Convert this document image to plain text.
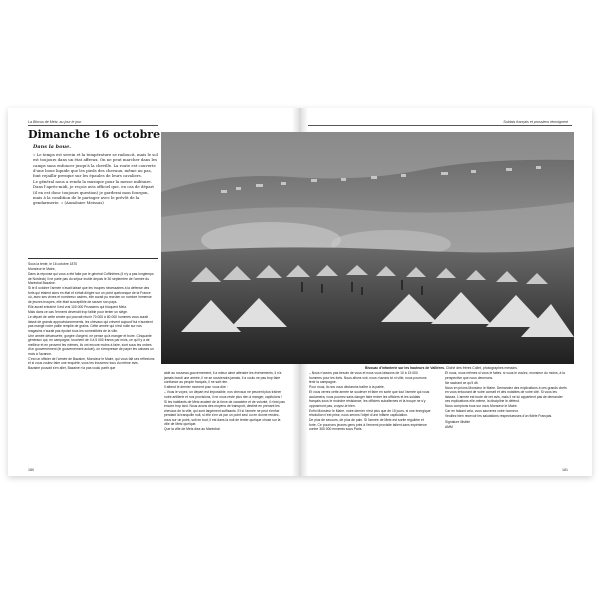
La Blocus de Metz, au jour le jour	Soldats français et prussiens témoignent
Dimanche 16 octobre
Dans la boue.

« Le temps est serein et la température se radoucit, mais le sol est toujours dans un état affreux. On ne peut marcher dans les camps sans enfoncer jusqu'à la cheville. La route est couverte d'une boue liquide que les pieds des chevaux, même au pas, font rejaillir presque sur les épaules de leurs cavaliers.

Le général nous a rendu la musique pour la messe militaire. Dans l'après-midi, je reçois avis officiel que, en cas de départ (il en est donc toujours question) je garderai mon fourgon, mais à la condition de le partager avec le prévôt de la gendarmerie. » (Aumônier Meissas)

Bivouac d'infanterie sur les hauteurs de Vallières. Cliché des frères Collet, photographes messins.

Sous la tente, le 16 octobre 1870

Monsieur le Maire,

Dans la réponse qui vous a été faite par le général Coffinières (il n'y a pas longtemps de Nordeck) il ne parle pas du séjour inutile depuis le 30 septembre de l'armée du Maréchal Bazaine.

Si le 8 octobre l'armée n'avait laissé que les troupes nécessaires à la défense des forts qui étaient alors en état et s'était dirigée sur un point quelconque de la France où, avec ses vivres et nombreux cadres, elle aurait pu recruter un nombre immense de jeunes troupes, elle était susceptible de sauver son pays.

Elle aurait entraîné il est vrai 100 000 Prussiens qui bloquent Metz.

Mais dans ce cas l'ennemi devenait trop faible pour tenter un siège.

Le départ de cette armée qui pouvait réunir 70 000 à 80 000 hommes vous aurait laissé de grands approvisionnements, les chevaux qui crèvent aujourd'hui n'auraient pas mangé notre paille remplie de grains. Cette armée qui n'est nulle sur nos magasins n'aurait pas épuisé tous les comestibles de la ville.

Une armée désœuvrée, gorgée d'argent, ne pense qu'à manger et boire. Cinquante généraux qui, en campagne, touchent de 4 à 5 000 francs par mois, ce qu'il y a de meilleur et en peuvent les mêmes, ils ont encore moins à faire, sont sous les ordres d'un gouvernement (le gouvernement actuel), on s'empresse de payer les caisses un mois à l'avance.

C'est un officier de l'armée de Bazaine, Monsieur le Maire, qui vous fait ses réflexions et si vous voulez faire une enquête, vous les trouverez tous du même avis.

Bazaine pouvait s'en aller, Bazaine n'a pas voulu partir que

aidé au nouveau gouvernement, il a mieux aimé attendre les événements, il n'a jamais bondi une armée, il ne se souviendra jamais, il a voulu ne pas trop faire confiance au peuple français, il ne sait rien.

Il attend le dernier moment pour vous dire :

– Vous le voyez, un départ est impossible, nos chevaux ne peuvent plus traîner notre artillerie et nos provisions, il ne nous reste plus rien à manger, capitulons !

Si les habitants de Metz avaient de la force de caractère et de volonté, il n'est pas encore trop tard. Nous avons des moyens de transport, destiné en prenant les chevaux de la ville, qui sont largement suffisants. Et si l'armée ne peut s'enfuir pendant la tranquille nuit, si elle s'en va par un point seul ou en donne rendez-vous sur un point, soit en tout, il est dans la nuit de tenter quelque chose sur la ville de Metz quelque.

Que la ville de Metz dise au Maréchal

– Nous n'avons pas besoin de vous et nous vous laissons de 10 à 15 000 hommes pour les forts. Nous allons voir, nous n'avons ici ni ville, nous pourrons tenir la campagne.

Pour nous, là nos vous déclarons traître à la patrie.

Et vous verrez cette armée se soulever et faire en sorte que tout l'armée qui vous acclamera, vous pourrez sans danger faire entrer les officiers et les soldats français sous le moindre résistance, les officiers subalternes et la troupe ne s'y opposeront pas, croyez-le bien.

Enfin Monsieur le Maire, notre dernier n'est plus que de 15 jours, si une énergique résolution n'est prise, nous serons l'objet d'une infâme capitulation.

De plus de secours, de plus de pain. Si l'armée de Metz est sortie régulière et forte. Ce pourrons jeunes gens près à l'ennemi provisite tallent sans expérience contre 300 000 ennemis sous Paris.

Et nous, nous mêmes si vous le faites, si vous le voulez, monsieur du moins, à la perspective que nous devenons.

Ne sachant ce qu'il dit.

Nous en prions Monsieur le Maire. Demandez des explications à ces grands chefs en vous entourant de votre conseil et des notables de votre cité. Si vous les laissez. L'armée est toute de cet avis, mais il ne lui appartient pas de demander ces explications elle-même, la discipline le défend.

Nous comptons tous sur vous Monsieur le Maire.

Car en faisant cela, vous sauverez votre honneur.

Veuillez bien recevoir les salutations respectueuses d'un fidèle Français.

Signature illisible

AMM

180	181
